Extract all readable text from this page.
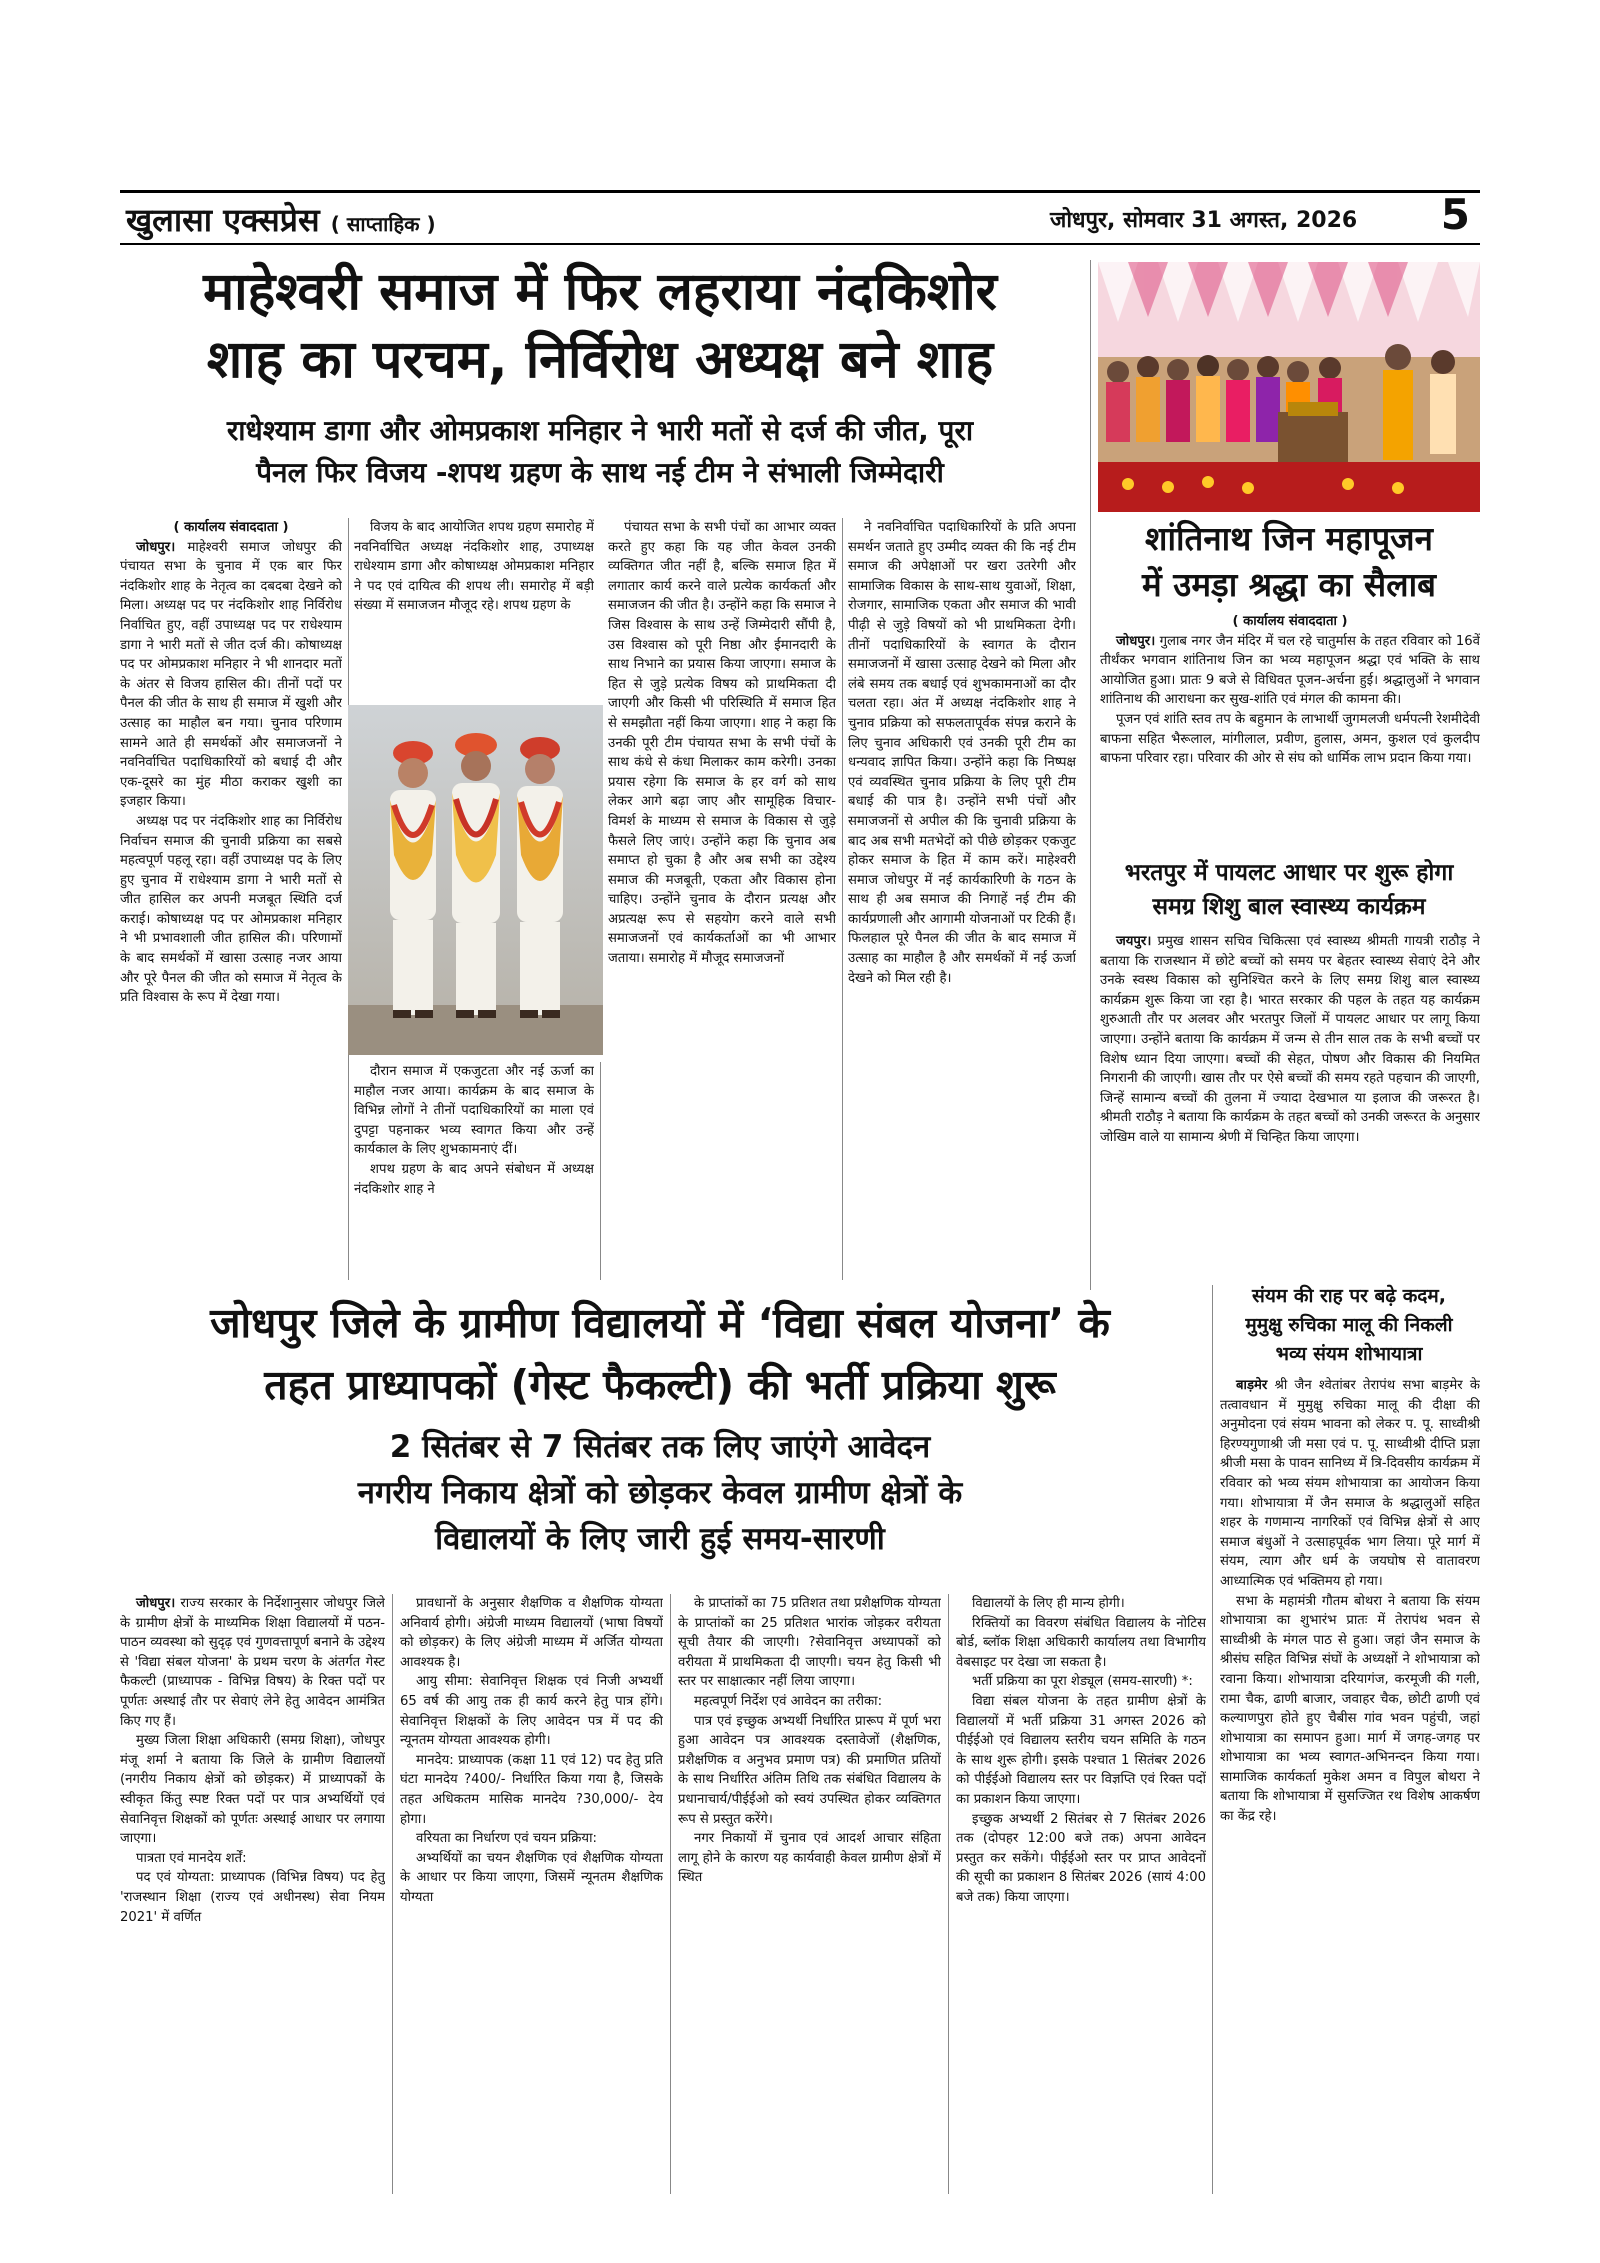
खुलासा एक्सप्रेस ( साप्ताहिक )	जोधपुर, सोमवार 31 अगस्त, 2026 5
माहेश्वरी समाज में फिर लहराया नंदकिशोर
शाह का परचम, निर्विरोध अध्यक्ष बने शाह
राधेश्याम डागा और ओमप्रकाश मनिहार ने भारी मतों से दर्ज की जीत, पूरा
पैनल फिर विजय -शपथ ग्रहण के साथ नई टीम ने संभाली जिम्मेदारी

( कार्यालय संवाददाता )

जोधपुर। माहेश्वरी समाज जोधपुर की पंचायत सभा के चुनाव में एक बार फिर नंदकिशोर शाह के नेतृत्व का दबदबा देखने को मिला। अध्यक्ष पद पर नंदकिशोर शाह निर्विरोध निर्वाचित हुए, वहीं उपाध्यक्ष पद पर राधेश्याम डागा ने भारी मतों से जीत दर्ज की। कोषाध्यक्ष पद पर ओमप्रकाश मनिहार ने भी शानदार मतों के अंतर से विजय हासिल की। तीनों पदों पर पैनल की जीत के साथ ही समाज में खुशी और उत्साह का माहौल बन गया। चुनाव परिणाम सामने आते ही समर्थकों और समाजजनों ने नवनिर्वाचित पदाधिकारियों को बधाई दी और एक-दूसरे का मुंह मीठा कराकर खुशी का इजहार किया।

अध्यक्ष पद पर नंदकिशोर शाह का निर्विरोध निर्वाचन समाज की चुनावी प्रक्रिया का सबसे महत्वपूर्ण पहलू रहा। वहीं उपाध्यक्ष पद के लिए हुए चुनाव में राधेश्याम डागा ने भारी मतों से जीत हासिल कर अपनी मजबूत स्थिति दर्ज कराई। कोषाध्यक्ष पद पर ओमप्रकाश मनिहार ने भी प्रभावशाली जीत हासिल की। परिणामों के बाद समर्थकों में खासा उत्साह नजर आया और पूरे पैनल की जीत को समाज में नेतृत्व के प्रति विश्वास के रूप में देखा गया।

विजय के बाद आयोजित शपथ ग्रहण समारोह में नवनिर्वाचित अध्यक्ष नंदकिशोर शाह, उपाध्यक्ष राधेश्याम डागा और कोषाध्यक्ष ओमप्रकाश मनिहार ने पद एवं दायित्व की शपथ ली। समारोह में बड़ी संख्या में समाजजन मौजूद रहे। शपथ ग्रहण के

दौरान समाज में एकजुटता और नई ऊर्जा का माहौल नजर आया। कार्यक्रम के बाद समाज के विभिन्न लोगों ने तीनों पदाधिकारियों का माला एवं दुपट्टा पहनाकर भव्य स्वागत किया और उन्हें कार्यकाल के लिए शुभकामनाएं दीं।

शपथ ग्रहण के बाद अपने संबोधन में अध्यक्ष नंदकिशोर शाह ने

पंचायत सभा के सभी पंचों का आभार व्यक्त करते हुए कहा कि यह जीत केवल उनकी व्यक्तिगत जीत नहीं है, बल्कि समाज हित में लगातार कार्य करने वाले प्रत्येक कार्यकर्ता और समाजजन की जीत है। उन्होंने कहा कि समाज ने जिस विश्वास के साथ उन्हें जिम्मेदारी सौंपी है, उस विश्वास को पूरी निष्ठा और ईमानदारी के साथ निभाने का प्रयास किया जाएगा। समाज के हित से जुड़े प्रत्येक विषय को प्राथमिकता दी जाएगी और किसी भी परिस्थिति में समाज हित से समझौता नहीं किया जाएगा। शाह ने कहा कि उनकी पूरी टीम पंचायत सभा के सभी पंचों के साथ कंधे से कंधा मिलाकर काम करेगी। उनका प्रयास रहेगा कि समाज के हर वर्ग को साथ लेकर आगे बढ़ा जाए और सामूहिक विचार-विमर्श के माध्यम से समाज के विकास से जुड़े फैसले लिए जाएं। उन्होंने कहा कि चुनाव अब समाप्त हो चुका है और अब सभी का उद्देश्य समाज की मजबूती, एकता और विकास होना चाहिए। उन्होंने चुनाव के दौरान प्रत्यक्ष और अप्रत्यक्ष रूप से सहयोग करने वाले सभी समाजजनों एवं कार्यकर्ताओं का भी आभार जताया। समारोह में मौजूद समाजजनों

ने नवनिर्वाचित पदाधिकारियों के प्रति अपना समर्थन जताते हुए उम्मीद व्यक्त की कि नई टीम समाज की अपेक्षाओं पर खरा उतरेगी और सामाजिक विकास के साथ-साथ युवाओं, शिक्षा, रोजगार, सामाजिक एकता और समाज की भावी पीढ़ी से जुड़े विषयों को भी प्राथमिकता देगी। तीनों पदाधिकारियों के स्वागत के दौरान समाजजनों में खासा उत्साह देखने को मिला और लंबे समय तक बधाई एवं शुभकामनाओं का दौर चलता रहा। अंत में अध्यक्ष नंदकिशोर शाह ने चुनाव प्रक्रिया को सफलतापूर्वक संपन्न कराने के लिए चुनाव अधिकारी एवं उनकी पूरी टीम का धन्यवाद ज्ञापित किया। उन्होंने कहा कि निष्पक्ष एवं व्यवस्थित चुनाव प्रक्रिया के लिए पूरी टीम बधाई की पात्र है। उन्होंने सभी पंचों और समाजजनों से अपील की कि चुनावी प्रक्रिया के बाद अब सभी मतभेदों को पीछे छोड़कर एकजुट होकर समाज के हित में काम करें। माहेश्वरी समाज जोधपुर में नई कार्यकारिणी के गठन के साथ ही अब समाज की निगाहें नई टीम की कार्यप्रणाली और आगामी योजनाओं पर टिकी हैं। फिलहाल पूरे पैनल की जीत के बाद समाज में उत्साह का माहौल है और समर्थकों में नई ऊर्जा देखने को मिल रही है।

शांतिनाथ जिन महापूजन
में उमड़ा श्रद्धा का सैलाब

( कार्यालय संवाददाता )

जोधपुर। गुलाब नगर जैन मंदिर में चल रहे चातुर्मास के तहत रविवार को 16वें तीर्थंकर भगवान शांतिनाथ जिन का भव्य महापूजन श्रद्धा एवं भक्ति के साथ आयोजित हुआ। प्रातः 9 बजे से विधिवत पूजन-अर्चना हुई। श्रद्धालुओं ने भगवान शांतिनाथ की आराधना कर सुख-शांति एवं मंगल की कामना की।

पूजन एवं शांति स्तव तप के बहुमान के लाभार्थी जुगमलजी धर्मपत्नी रेशमीदेवी बाफना सहित भैरूलाल, मांगीलाल, प्रवीण, हुलास, अमन, कुशल एवं कुलदीप बाफना परिवार रहा। परिवार की ओर से संघ को धार्मिक लाभ प्रदान किया गया।

भरतपुर में पायलट आधार पर शुरू होगा
समग्र शिशु बाल स्वास्थ्य कार्यक्रम

जयपुर। प्रमुख शासन सचिव चिकित्सा एवं स्वास्थ्य श्रीमती गायत्री राठौड़ ने बताया कि राजस्थान में छोटे बच्चों को समय पर बेहतर स्वास्थ्य सेवाएं देने और उनके स्वस्थ विकास को सुनिश्चित करने के लिए समग्र शिशु बाल स्वास्थ्य कार्यक्रम शुरू किया जा रहा है। भारत सरकार की पहल के तहत यह कार्यक्रम शुरुआती तौर पर अलवर और भरतपुर जिलों में पायलट आधार पर लागू किया जाएगा। उन्होंने बताया कि कार्यक्रम में जन्म से तीन साल तक के सभी बच्चों पर विशेष ध्यान दिया जाएगा। बच्चों की सेहत, पोषण और विकास की नियमित निगरानी की जाएगी। खास तौर पर ऐसे बच्चों की समय रहते पहचान की जाएगी, जिन्हें सामान्य बच्चों की तुलना में ज्यादा देखभाल या इलाज की जरूरत है। श्रीमती राठौड़ ने बताया कि कार्यक्रम के तहत बच्चों को उनकी जरूरत के अनुसार जोखिम वाले या सामान्य श्रेणी में चिन्हित किया जाएगा।

जोधपुर जिले के ग्रामीण विद्यालयों में ‘विद्या संबल योजना’ के
तहत प्राध्यापकों (गेस्ट फैकल्टी) की भर्ती प्रक्रिया शुरू
2 सितंबर से 7 सितंबर तक लिए जाएंगे आवेदन
नगरीय निकाय क्षेत्रों को छोड़कर केवल ग्रामीण क्षेत्रों के
विद्यालयों के लिए जारी हुई समय-सारणी

जोधपुर। राज्य सरकार के निर्देशानुसार जोधपुर जिले के ग्रामीण क्षेत्रों के माध्यमिक शिक्षा विद्यालयों में पठन-पाठन व्यवस्था को सुदृढ़ एवं गुणवत्तापूर्ण बनाने के उद्देश्य से 'विद्या संबल योजना' के प्रथम चरण के अंतर्गत गेस्ट फैकल्टी (प्राध्यापक - विभिन्न विषय) के रिक्त पदों पर पूर्णतः अस्थाई तौर पर सेवाएं लेने हेतु आवेदन आमंत्रित किए गए हैं।

मुख्य जिला शिक्षा अधिकारी (समग्र शिक्षा), जोधपुर मंजू शर्मा ने बताया कि जिले के ग्रामीण विद्यालयों (नगरीय निकाय क्षेत्रों को छोड़कर) में प्राध्यापकों के स्वीकृत किंतु स्पष्ट रिक्त पदों पर पात्र अभ्यर्थियों एवं सेवानिवृत्त शिक्षकों को पूर्णतः अस्थाई आधार पर लगाया जाएगा।

पात्रता एवं मानदेय शर्तें:

पद एवं योग्यता: प्राध्यापक (विभिन्न विषय) पद हेतु 'राजस्थान शिक्षा (राज्य एवं अधीनस्थ) सेवा नियम 2021' में वर्णित

प्रावधानों के अनुसार शैक्षणिक व शैक्षणिक योग्यता अनिवार्य होगी। अंग्रेजी माध्यम विद्यालयों (भाषा विषयों को छोड़कर) के लिए अंग्रेजी माध्यम में अर्जित योग्यता आवश्यक है।

आयु सीमा: सेवानिवृत्त शिक्षक एवं निजी अभ्यर्थी 65 वर्ष की आयु तक ही कार्य करने हेतु पात्र होंगे। सेवानिवृत्त शिक्षकों के लिए आवेदन पत्र में पद की न्यूनतम योग्यता आवश्यक होगी।

मानदेय: प्राध्यापक (कक्षा 11 एवं 12) पद हेतु प्रति घंटा मानदेय ?400/- निर्धारित किया गया है, जिसके तहत अधिकतम मासिक मानदेय ?30,000/- देय होगा।

वरियता का निर्धारण एवं चयन प्रक्रिया:

अभ्यर्थियों का चयन शैक्षणिक एवं शैक्षणिक योग्यता के आधार पर किया जाएगा, जिसमें न्यूनतम शैक्षणिक योग्यता

के प्राप्तांकों का 75 प्रतिशत तथा प्रशैक्षणिक योग्यता के प्राप्तांकों का 25 प्रतिशत भारांक जोड़कर वरीयता सूची तैयार की जाएगी। ?सेवानिवृत्त अध्यापकों को वरीयता में प्राथमिकता दी जाएगी। चयन हेतु किसी भी स्तर पर साक्षात्कार नहीं लिया जाएगा।

महत्वपूर्ण निर्देश एवं आवेदन का तरीका:

पात्र एवं इच्छुक अभ्यर्थी निर्धारित प्रारूप में पूर्ण भरा हुआ आवेदन पत्र आवश्यक दस्तावेजों (शैक्षणिक, प्रशैक्षणिक व अनुभव प्रमाण पत्र) की प्रमाणित प्रतियों के साथ निर्धारित अंतिम तिथि तक संबंधित विद्यालय के प्रधानाचार्य/पीईईओ को स्वयं उपस्थित होकर व्यक्तिगत रूप से प्रस्तुत करेंगे।

नगर निकायों में चुनाव एवं आदर्श आचार संहिता लागू होने के कारण यह कार्यवाही केवल ग्रामीण क्षेत्रों में स्थित

विद्यालयों के लिए ही मान्य होगी।

रिक्तियों का विवरण संबंधित विद्यालय के नोटिस बोर्ड, ब्लॉक शिक्षा अधिकारी कार्यालय तथा विभागीय वेबसाइट पर देखा जा सकता है।

भर्ती प्रक्रिया का पूरा शेड्यूल (समय-सारणी) *:

विद्या संबल योजना के तहत ग्रामीण क्षेत्रों के विद्यालयों में भर्ती प्रक्रिया 31 अगस्त 2026 को पीईईओ एवं विद्यालय स्तरीय चयन समिति के गठन के साथ शुरू होगी। इसके पश्चात 1 सितंबर 2026 को पीईईओ विद्यालय स्तर पर विज्ञप्ति एवं रिक्त पदों का प्रकाशन किया जाएगा।

इच्छुक अभ्यर्थी 2 सितंबर से 7 सितंबर 2026 तक (दोपहर 12:00 बजे तक) अपना आवेदन प्रस्तुत कर सकेंगे। पीईईओ स्तर पर प्राप्त आवेदनों की सूची का प्रकाशन 8 सितंबर 2026 (सायं 4:00 बजे तक) किया जाएगा।

संयम की राह पर बढ़े कदम,
मुमुक्षु रुचिका मालू की निकली
भव्य संयम शोभायात्रा

बाड़मेर श्री जैन श्वेतांबर तेरापंथ सभा बाड़मेर के तत्वावधान में मुमुक्षु रुचिका मालू की दीक्षा की अनुमोदना एवं संयम भावना को लेकर प. पू. साध्वीश्री हिरण्यगुणाश्री जी मसा एवं प. पू. साध्वीश्री दीप्ति प्रज्ञा श्रीजी मसा के पावन सानिध्य में त्रि-दिवसीय कार्यक्रम में रविवार को भव्य संयम शोभायात्रा का आयोजन किया गया। शोभायात्रा में जैन समाज के श्रद्धालुओं सहित शहर के गणमान्य नागरिकों एवं विभिन्न क्षेत्रों से आए समाज बंधुओं ने उत्साहपूर्वक भाग लिया। पूरे मार्ग में संयम, त्याग और धर्म के जयघोष से वातावरण आध्यात्मिक एवं भक्तिमय हो गया।

सभा के महामंत्री गौतम बोथरा ने बताया कि संयम शोभायात्रा का शुभारंभ प्रातः में तेरापंथ भवन से साध्वीश्री के मंगल पाठ से हुआ। जहां जैन समाज के श्रीसंघ सहित विभिन्न संघों के अध्यक्षों ने शोभायात्रा को रवाना किया। शोभायात्रा दरियागंज, करमूजी की गली, रामा चैक, ढाणी बाजार, जवाहर चैक, छोटी ढाणी एवं कल्याणपुरा होते हुए चैबीस गांव भवन पहुंची, जहां शोभायात्रा का समापन हुआ। मार्ग में जगह-जगह पर शोभायात्रा का भव्य स्वागत-अभिनन्दन किया गया। सामाजिक कार्यकर्ता मुकेश अमन व विपुल बोथरा ने बताया कि शोभायात्रा में सुसज्जित रथ विशेष आकर्षण का केंद्र रहे।
